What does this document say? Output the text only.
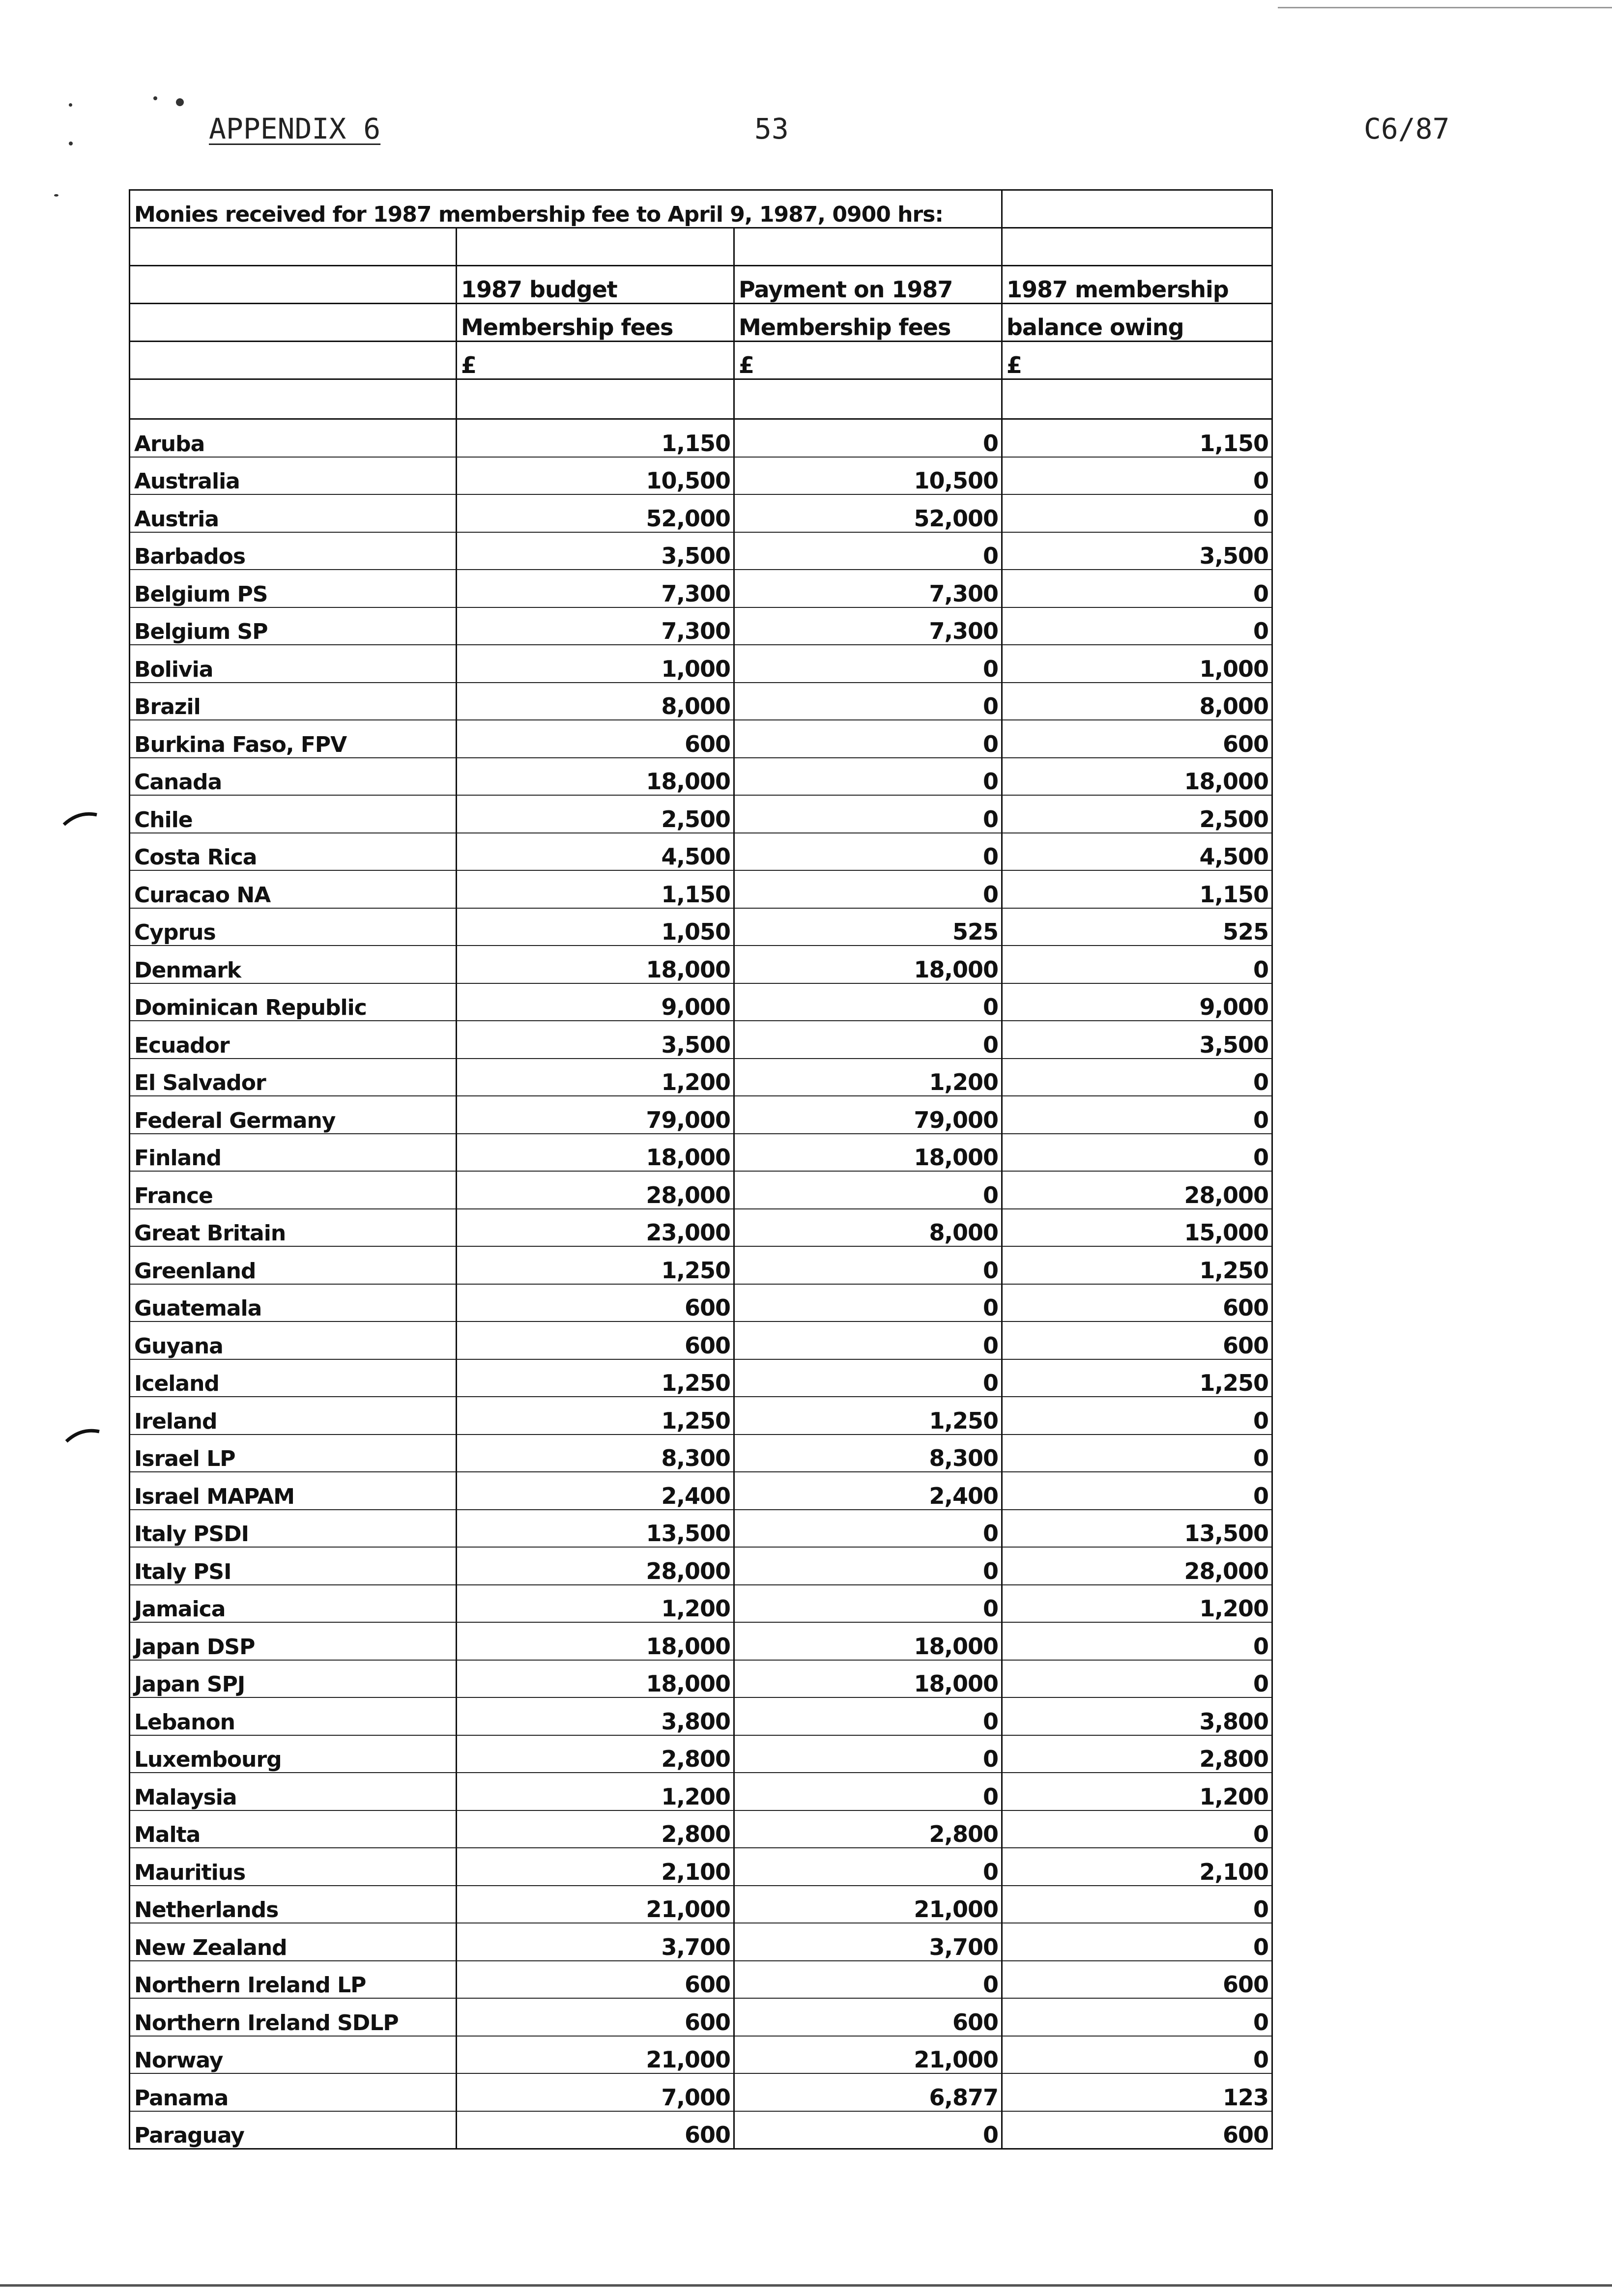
APPENDIX 6	53	C6/87
Monies received for 1987 membership fee to April 9, 1987, 0900 hrs:			

	1987 budget	Payment on 1987	1987 membership
	Membership fees	Membership fees	balance owing
	£	£	£

Aruba	1,150	0	1,150
Australia	10,500	10,500	0
Austria	52,000	52,000	0
Barbados	3,500	0	3,500
Belgium PS	7,300	7,300	0
Belgium SP	7,300	7,300	0
Bolivia	1,000	0	1,000
Brazil	8,000	0	8,000
Burkina Faso, FPV	600	0	600
Canada	18,000	0	18,000
Chile	2,500	0	2,500
Costa Rica	4,500	0	4,500
Curacao NA	1,150	0	1,150
Cyprus	1,050	525	525
Denmark	18,000	18,000	0
Dominican Republic	9,000	0	9,000
Ecuador	3,500	0	3,500
El Salvador	1,200	1,200	0
Federal Germany	79,000	79,000	0
Finland	18,000	18,000	0
France	28,000	0	28,000
Great Britain	23,000	8,000	15,000
Greenland	1,250	0	1,250
Guatemala	600	0	600
Guyana	600	0	600
Iceland	1,250	0	1,250
Ireland	1,250	1,250	0
Israel LP	8,300	8,300	0
Israel MAPAM	2,400	2,400	0
Italy PSDI	13,500	0	13,500
Italy PSI	28,000	0	28,000
Jamaica	1,200	0	1,200
Japan DSP	18,000	18,000	0
Japan SPJ	18,000	18,000	0
Lebanon	3,800	0	3,800
Luxembourg	2,800	0	2,800
Malaysia	1,200	0	1,200
Malta	2,800	2,800	0
Mauritius	2,100	0	2,100
Netherlands	21,000	21,000	0
New Zealand	3,700	3,700	0
Northern Ireland LP	600	0	600
Northern Ireland SDLP	600	600	0
Norway	21,000	21,000	0
Panama	7,000	6,877	123
Paraguay	600	0	600
